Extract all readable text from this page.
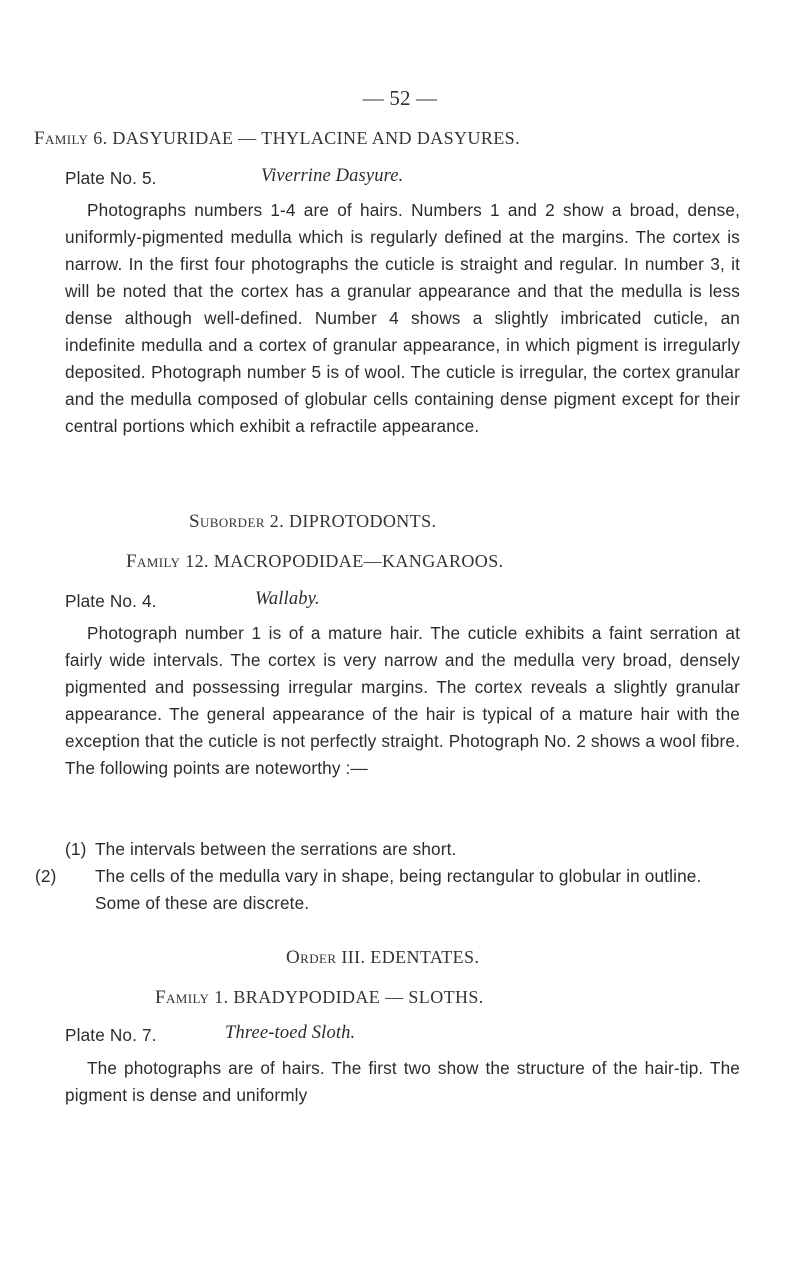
— 52 —
Family 6. DASYURIDAE — THYLACINE AND DASYURES.
Plate No. 5.	Viverrine Dasyure.

Photographs numbers 1-4 are of hairs. Numbers 1 and 2 show a broad, dense, uniformly-pigmented medulla which is regularly defined at the margins. The cortex is narrow. In the first four photographs the cuticle is straight and regular. In number 3, it will be noted that the cortex has a granular appearance and that the medulla is less dense although well-defined. Number 4 shows a slightly imbricated cuticle, an indefinite medulla and a cortex of granular appearance, in which pigment is irregularly deposited. Photograph number 5 is of wool. The cuticle is irregular, the cortex granular and the medulla composed of globular cells containing dense pigment except for their central portions which exhibit a refractile appearance.

Suborder 2. DIPROTODONTS.
Family 12. MACROPODIDAE—KANGAROOS.
Plate No. 4.	Wallaby.

Photograph number 1 is of a mature hair. The cuticle exhibits a faint serration at fairly wide intervals. The cortex is very narrow and the medulla very broad, densely pigmented and possessing irregular margins. The cortex reveals a slightly granular appearance. The general appearance of the hair is typical of a mature hair with the exception that the cuticle is not perfectly straight. Photograph No. 2 shows a wool fibre. The following points are noteworthy :—

(1) The intervals between the serrations are short.
(2) The cells of the medulla vary in shape, being rectangular to globular in outline. Some of these are discrete.
Order III. EDENTATES.
Family 1. BRADYPODIDAE — SLOTHS.
Plate No. 7.	Three-toed Sloth.

The photographs are of hairs. The first two show the structure of the hair-tip. The pigment is dense and uniformly
